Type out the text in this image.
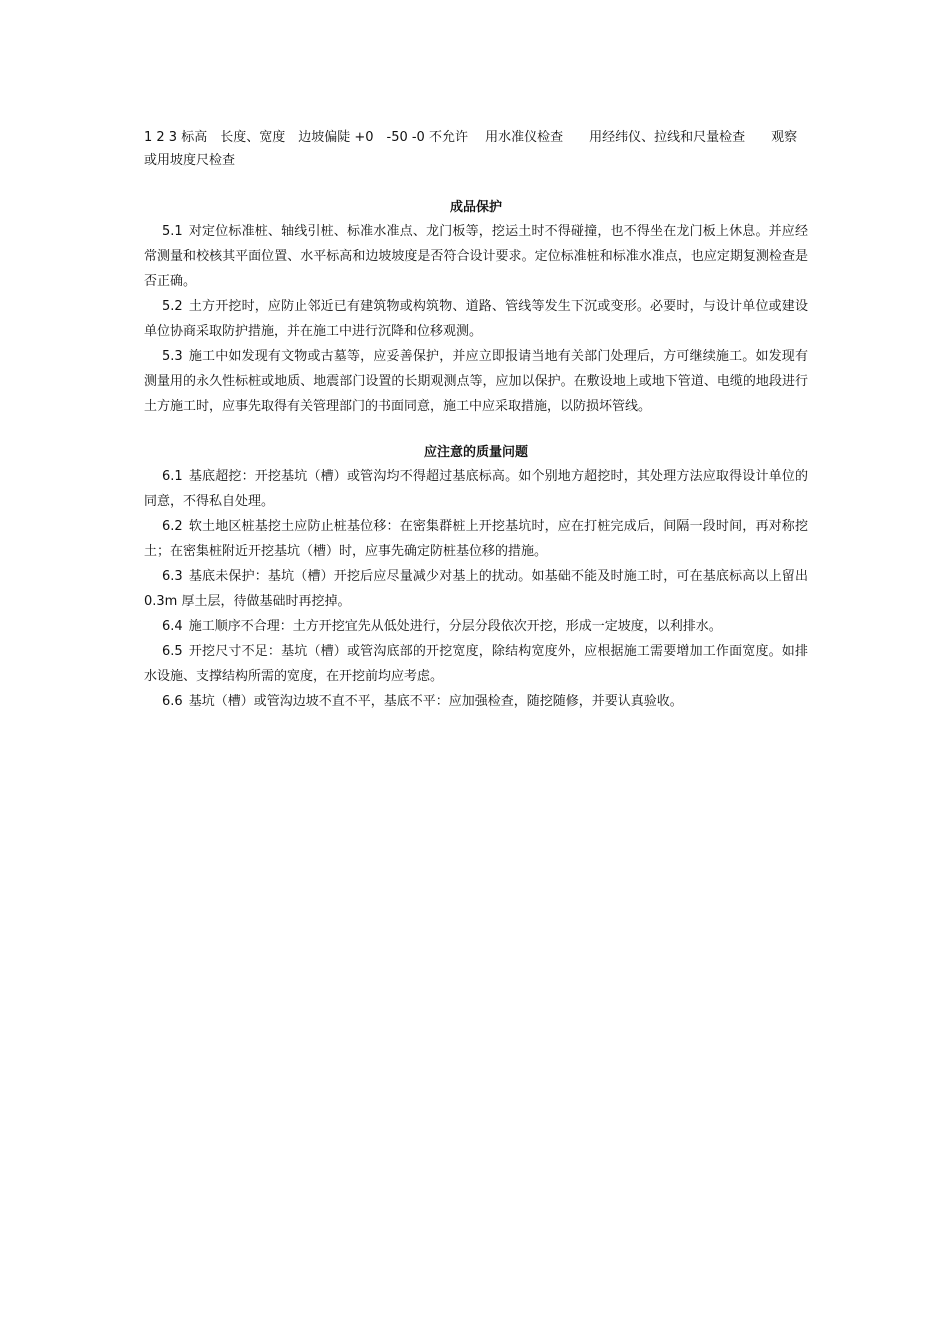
1 2 3 标高　长度、宽度　边坡偏陡 +0　-50 -0 不允许　 用水准仪检查　　用经纬仪、拉线和尺量检查　　观察或用坡度尺检查

成品保护

5.1 对定位标准桩、轴线引桩、标准水准点、龙门板等，挖运土时不得碰撞，也不得坐在龙门板上休息。并应经常测量和校核其平面位置、水平标高和边坡坡度是否符合设计要求。定位标准桩和标准水准点，也应定期复测检查是否正确。

5.2 土方开挖时，应防止邻近已有建筑物或构筑物、道路、管线等发生下沉或变形。必要时，与设计单位或建设单位协商采取防护措施，并在施工中进行沉降和位移观测。

5.3 施工中如发现有文物或古墓等，应妥善保护，并应立即报请当地有关部门处理后，方可继续施工。如发现有测量用的永久性标桩或地质、地震部门设置的长期观测点等，应加以保护。在敷设地上或地下管道、电缆的地段进行土方施工时，应事先取得有关管理部门的书面同意，施工中应采取措施，以防损坏管线。

应注意的质量问题

6.1 基底超挖：开挖基坑（槽）或管沟均不得超过基底标高。如个别地方超挖时，其处理方法应取得设计单位的同意，不得私自处理。

6.2 软土地区桩基挖土应防止桩基位移：在密集群桩上开挖基坑时，应在打桩完成后，间隔一段时间，再对称挖土；在密集桩附近开挖基坑（槽）时，应事先确定防桩基位移的措施。

6.3 基底未保护：基坑（槽）开挖后应尽量减少对基上的扰动。如基础不能及时施工时，可在基底标高以上留出 0.3m 厚土层，待做基础时再挖掉。

6.4 施工顺序不合理：土方开挖宜先从低处进行，分层分段依次开挖，形成一定坡度，以利排水。

6.5 开挖尺寸不足：基坑（槽）或管沟底部的开挖宽度，除结构宽度外，应根据施工需要增加工作面宽度。如排水设施、支撑结构所需的宽度，在开挖前均应考虑。

6.6 基坑（槽）或管沟边坡不直不平，基底不平：应加强检查，随挖随修，并要认真验收。
